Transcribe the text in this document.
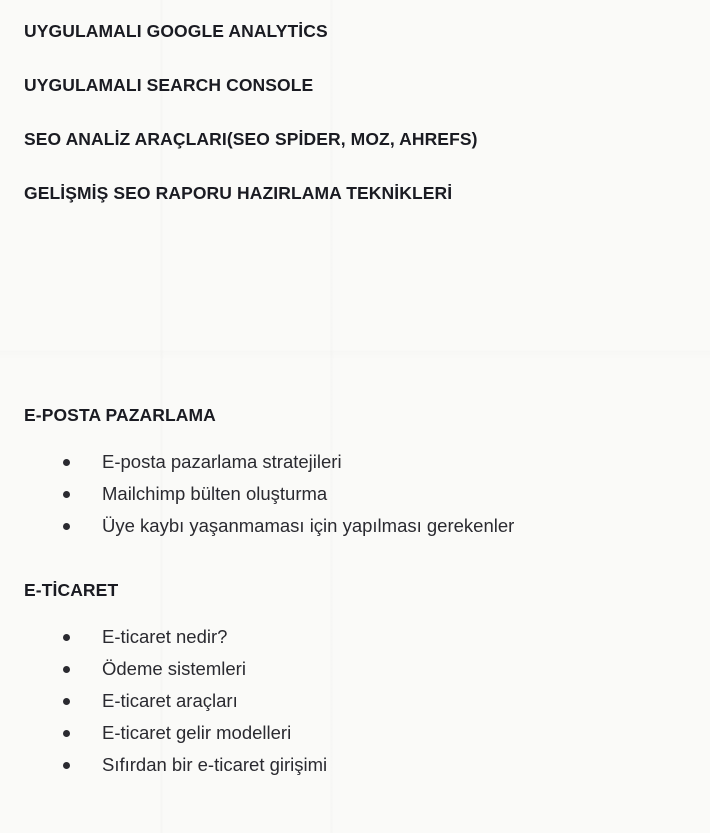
UYGULAMALI GOOGLE ANALYTİCS
UYGULAMALI SEARCH CONSOLE
SEO ANALİZ ARAÇLARI(SEO SPİDER, MOZ, AHREFS)
GELİŞMİŞ SEO RAPORU HAZIRLAMA TEKNİKLERİ
E-POSTA PAZARLAMA
E-posta pazarlama stratejileri
Mailchimp bülten oluşturma
Üye kaybı yaşanmaması için yapılması gerekenler
E-TİCARET
E-ticaret nedir?
Ödeme sistemleri
E-ticaret araçları
E-ticaret gelir modelleri
Sıfırdan bir e-ticaret girişimi
